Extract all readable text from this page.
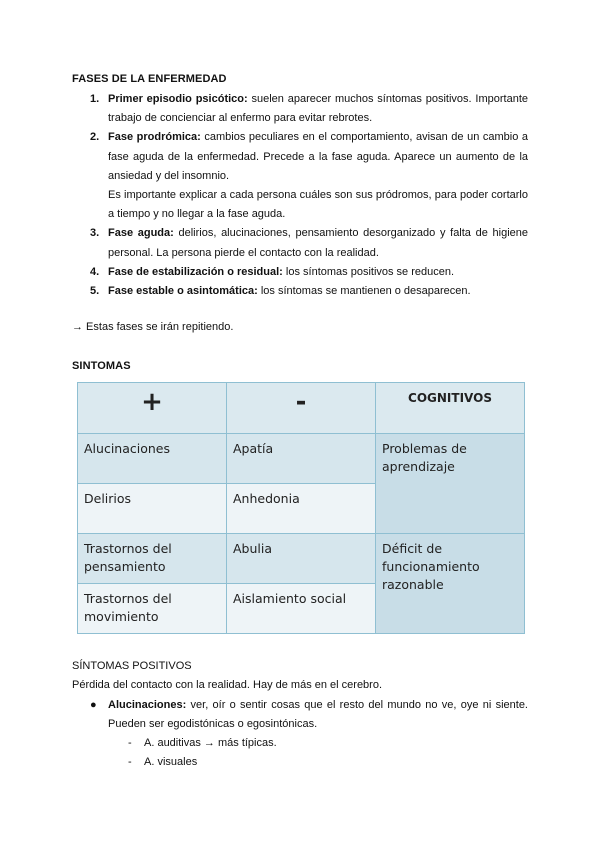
FASES DE LA ENFERMEDAD
1. Primer episodio psicótico: suelen aparecer muchos síntomas positivos. Importante trabajo de concienciar al enfermo para evitar rebrotes.
2. Fase prodrómica: cambios peculiares en el comportamiento, avisan de un cambio a fase aguda de la enfermedad. Precede a la fase aguda. Aparece un aumento de la ansiedad y del insomnio.
Es importante explicar a cada persona cuáles son sus pródromos, para poder cortarlo a tiempo y no llegar a la fase aguda.
3. Fase aguda: delirios, alucinaciones, pensamiento desorganizado y falta de higiene personal. La persona pierde el contacto con la realidad.
4. Fase de estabilización o residual: los síntomas positivos se reducen.
5. Fase estable o asintomática: los síntomas se mantienen o desaparecen.
→ Estas fases se irán repitiendo.
SINTOMAS
+	-	COGNITIVOS
Alucinaciones	Apatía	Problemas de aprendizaje
Delirios	Anhedonia	
Trastornos del pensamiento	Abulia	Déficit de funcionamiento razonable
Trastornos del movimiento	Aislamiento social	
SÍNTOMAS POSITIVOS
Pérdida del contacto con la realidad. Hay de más en el cerebro.
● Alucinaciones: ver, oír o sentir cosas que el resto del mundo no ve, oye ni siente. Pueden ser egodistónicas o egosintónicas.
- A. auditivas → más típicas.
- A. visuales
